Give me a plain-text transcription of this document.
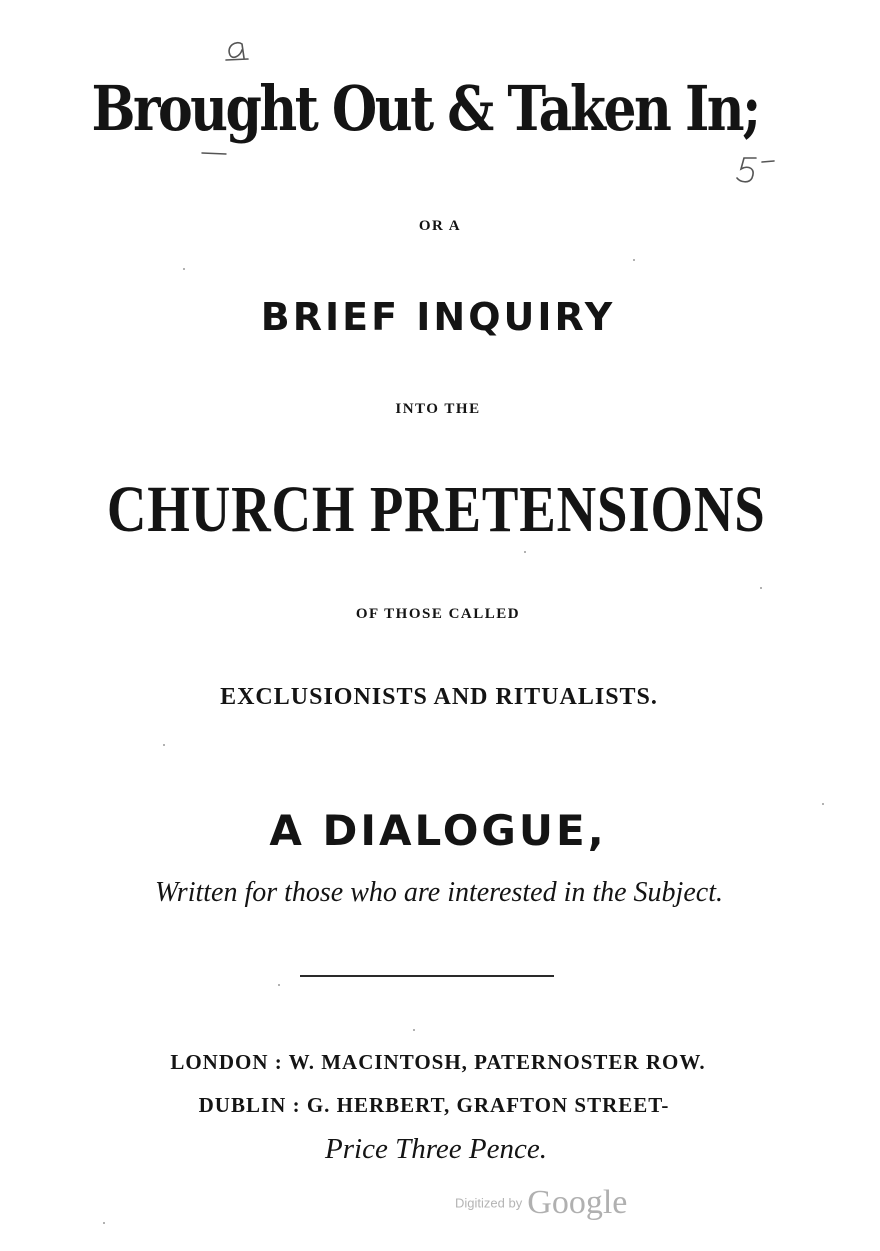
Brought Out & Taken In;
OR A
BRIEF INQUIRY
INTO THE
CHURCH PRETENSIONS
OF THOSE CALLED
EXCLUSIONISTS AND RITUALISTS.
A DIALOGUE,
Written for those who are interested in the Subject.
LONDON : W. MACINTOSH, PATERNOSTER ROW.
DUBLIN : G. HERBERT, GRAFTON STREET-
Price Three Pence.
Digitized by Google
